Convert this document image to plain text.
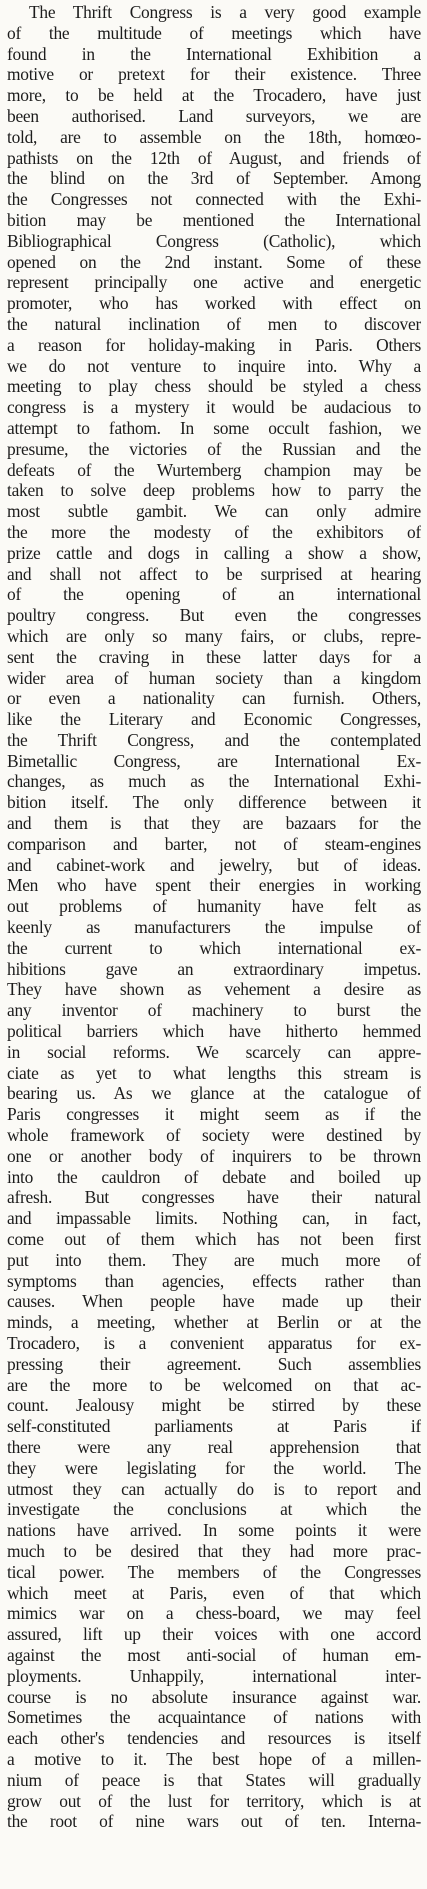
The Thrift Congress is a very good example
of the multitude of meetings which have
found in the International Exhibition a
motive or pretext for their existence. Three
more, to be held at the Trocadero, have just
been authorised. Land surveyors, we are
told, are to assemble on the 18th, homœo-
pathists on the 12th of August, and friends of
the blind on the 3rd of September. Among
the Congresses not connected with the Exhi-
bition may be mentioned the International
Bibliographical Congress (Catholic), which
opened on the 2nd instant. Some of these
represent principally one active and energetic
promoter, who has worked with effect on
the natural inclination of men to discover
a reason for holiday-making in Paris. Others
we do not venture to inquire into. Why a
meeting to play chess should be styled a chess
congress is a mystery it would be audacious to
attempt to fathom. In some occult fashion, we
presume, the victories of the Russian and the
defeats of the Wurtemberg champion may be
taken to solve deep problems how to parry the
most subtle gambit. We can only admire
the more the modesty of the exhibitors of
prize cattle and dogs in calling a show a show,
and shall not affect to be surprised at hearing
of the opening of an international
poultry congress. But even the congresses
which are only so many fairs, or clubs, repre-
sent the craving in these latter days for a
wider area of human society than a kingdom
or even a nationality can furnish. Others,
like the Literary and Economic Congresses,
the Thrift Congress, and the contemplated
Bimetallic Congress, are International Ex-
changes, as much as the International Exhi-
bition itself. The only difference between it
and them is that they are bazaars for the
comparison and barter, not of steam-engines
and cabinet-work and jewelry, but of ideas.
Men who have spent their energies in working
out problems of humanity have felt as
keenly as manufacturers the impulse of
the current to which international ex-
hibitions gave an extraordinary impetus.
They have shown as vehement a desire as
any inventor of machinery to burst the
political barriers which have hitherto hemmed
in social reforms. We scarcely can appre-
ciate as yet to what lengths this stream is
bearing us. As we glance at the catalogue of
Paris congresses it might seem as if the
whole framework of society were destined by
one or another body of inquirers to be thrown
into the cauldron of debate and boiled up
afresh. But congresses have their natural
and impassable limits. Nothing can, in fact,
come out of them which has not been first
put into them. They are much more of
symptoms than agencies, effects rather than
causes. When people have made up their
minds, a meeting, whether at Berlin or at the
Trocadero, is a convenient apparatus for ex-
pressing their agreement. Such assemblies
are the more to be welcomed on that ac-
count. Jealousy might be stirred by these
self-constituted parliaments at Paris if
there were any real apprehension that
they were legislating for the world. The
utmost they can actually do is to report and
investigate the conclusions at which the
nations have arrived. In some points it were
much to be desired that they had more prac-
tical power. The members of the Congresses
which meet at Paris, even of that which
mimics war on a chess-board, we may feel
assured, lift up their voices with one accord
against the most anti-social of human em-
ployments. Unhappily, international inter-
course is no absolute insurance against war.
Sometimes the acquaintance of nations with
each other's tendencies and resources is itself
a motive to it. The best hope of a millen-
nium of peace is that States will gradually
grow out of the lust for territory, which is at
the root of nine wars out of ten. Interna-
